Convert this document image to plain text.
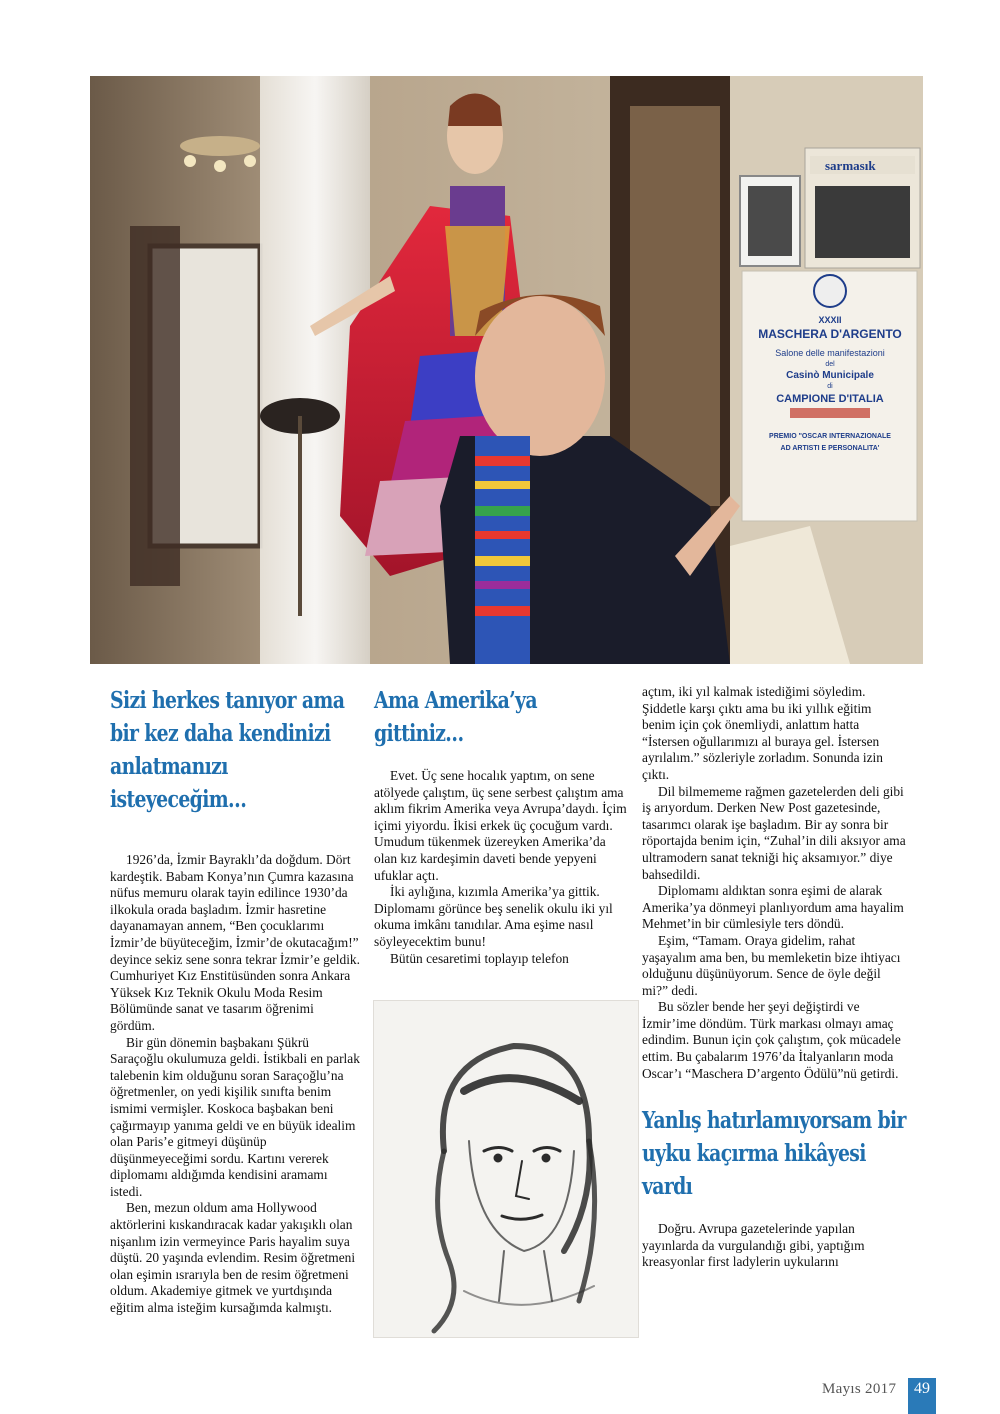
sarmasık
XXXII
MASCHERA D'ARGENTO
Salone delle manifestazioni
del
Casinò Municipale
di
CAMPIONE D'ITALIA
PREMIO "OSCAR INTERNAZIONALE
AD ARTISTI E PERSONALITA'
Sizi herkes tanıyor ama bir kez daha kendinizi anlatmanızı isteyeceğim…

1926’da, İzmir Bayraklı’da doğdum. Dört kardeştik. Babam Konya’nın Çumra kazasına nüfus memuru olarak tayin edilince 1930’da ilkokula orada başladım. İzmir hasretine dayanamayan annem, “Ben çocuklarımı İzmir’de büyüteceğim, İzmir’de okutacağım!” deyince sekiz sene sonra tekrar İzmir’e geldik. Cumhuriyet Kız Enstitüsünden sonra Ankara Yüksek Kız Teknik Okulu Moda Resim Bölümünde sanat ve tasarım öğrenimi gördüm.

Bir gün dönemin başbakanı Şükrü Saraçoğlu okulumuza geldi. İstikbali en parlak talebenin kim olduğunu soran Saraçoğlu’na öğretmenler, on yedi kişilik sınıfta benim ismimi vermişler. Koskoca başbakan beni çağırmayıp yanıma geldi ve en büyük idealim olan Paris’e gitmeyi düşünüp düşünmeyeceğimi sordu. Kartını vererek diplomamı aldığımda kendisini aramamı istedi.

Ben, mezun oldum ama Hollywood aktörlerini kıskandıracak kadar yakışıklı olan nişanlım izin vermeyince Paris hayalim suya düştü. 20 yaşında evlendim. Resim öğretmeni olan eşimin ısrarıyla ben de resim öğretmeni oldum. Akademiye gitmek ve yurtdışında eğitim alma isteğim kursağımda kalmıştı.

Ama Amerika’ya gittiniz…

Evet. Üç sene hocalık yaptım, on sene atölyede çalıştım, üç sene serbest çalıştım ama aklım fikrim Amerika veya Avrupa’daydı. İçim içimi yiyordu. İkisi erkek üç çocuğum vardı. Umudum tükenmek üzereyken Amerika’da olan kız kardeşimin daveti bende yepyeni ufuklar açtı.

İki aylığına, kızımla Amerika’ya gittik. Diplomamı görünce beş senelik okulu iki yıl okuma imkânı tanıdılar. Ama eşime nasıl söyleyecektim bunu!

Bütün cesaretimi toplayıp telefon

açtım, iki yıl kalmak istediğimi söyledim. Şiddetle karşı çıktı ama bu iki yıllık eğitim benim için çok önemliydi, anlattım hatta “İstersen oğullarımızı al buraya gel. İstersen ayrılalım.” sözleriyle zorladım. Sonunda izin çıktı.

Dil bilmememe rağmen gazetelerden deli gibi iş arıyordum. Derken New Post gazetesinde, tasarımcı olarak işe başladım. Bir ay sonra bir röportajda benim için, “Zuhal’in dili aksıyor ama ultramodern sanat tekniği hiç aksamıyor.” diye bahsedildi.

Diplomamı aldıktan sonra eşimi de alarak Amerika’ya dönmeyi planlıyordum ama hayalim Mehmet’in bir cümlesiyle ters döndü.

Eşim, “Tamam. Oraya gidelim, rahat yaşayalım ama ben, bu memleketin bize ihtiyacı olduğunu düşünüyorum. Sence de öyle değil mi?” dedi.

Bu sözler bende her şeyi değiştirdi ve İzmir’ime döndüm. Türk markası olmayı amaç edindim. Bunun için çok çalıştım, çok mücadele ettim. Bu çabalarım 1976’da İtalyanların moda Oscar’ı “Maschera D’argento Ödülü”nü getirdi.

Yanlış hatırlamıyorsam bir uyku kaçırma hikâyesi vardı

Doğru. Avrupa gazetelerinde yapılan yayınlarda da vurgulandığı gibi, yaptığım kreasyonlar first ladylerin uykularını

Mayıs 2017	49
